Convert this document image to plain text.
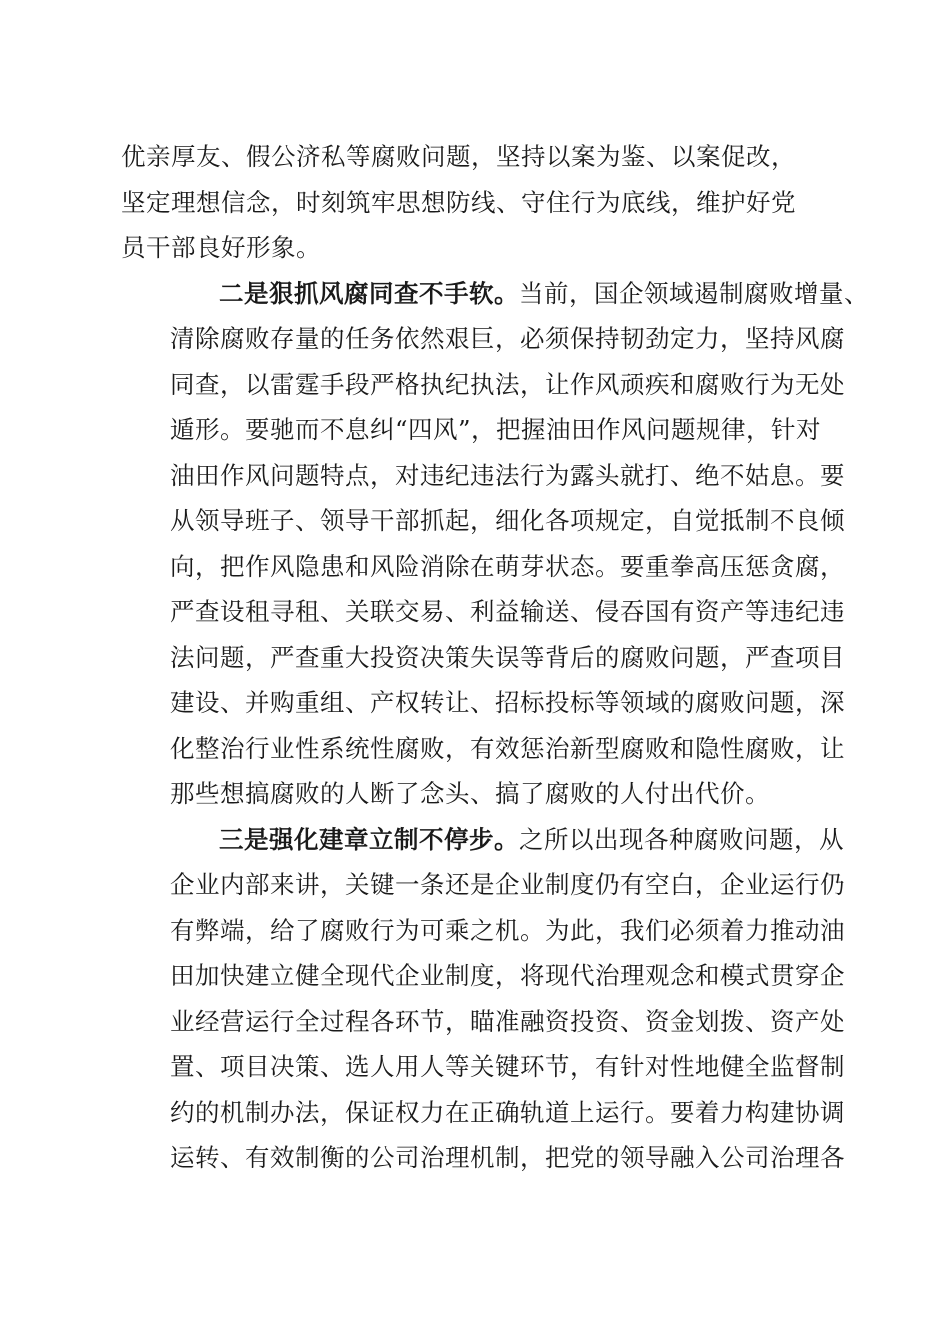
优亲厚友、假公济私等腐败问题，坚持以案为鉴、以案促改，
坚定理想信念，时刻筑牢思想防线、守住行为底线，维护好党
员干部良好形象。
二是狠抓风腐同查不手软。当前，国企领域遏制腐败增量、
清除腐败存量的任务依然艰巨，必须保持韧劲定力，坚持风腐
同查，以雷霆手段严格执纪执法，让作风顽疾和腐败行为无处
遁形。要驰而不息纠“四风”，把握油田作风问题规律，针对
油田作风问题特点，对违纪违法行为露头就打、绝不姑息。要
从领导班子、领导干部抓起，细化各项规定，自觉抵制不良倾
向，把作风隐患和风险消除在萌芽状态。要重拳高压惩贪腐，
严查设租寻租、关联交易、利益输送、侵吞国有资产等违纪违
法问题，严查重大投资决策失误等背后的腐败问题，严查项目
建设、并购重组、产权转让、招标投标等领域的腐败问题，深
化整治行业性系统性腐败，有效惩治新型腐败和隐性腐败，让
那些想搞腐败的人断了念头、搞了腐败的人付出代价。
三是强化建章立制不停步。之所以出现各种腐败问题，从
企业内部来讲，关键一条还是企业制度仍有空白，企业运行仍
有弊端，给了腐败行为可乘之机。为此，我们必须着力推动油
田加快建立健全现代企业制度，将现代治理观念和模式贯穿企
业经营运行全过程各环节，瞄准融资投资、资金划拨、资产处
置、项目决策、选人用人等关键环节，有针对性地健全监督制
约的机制办法，保证权力在正确轨道上运行。要着力构建协调
运转、有效制衡的公司治理机制，把党的领导融入公司治理各
